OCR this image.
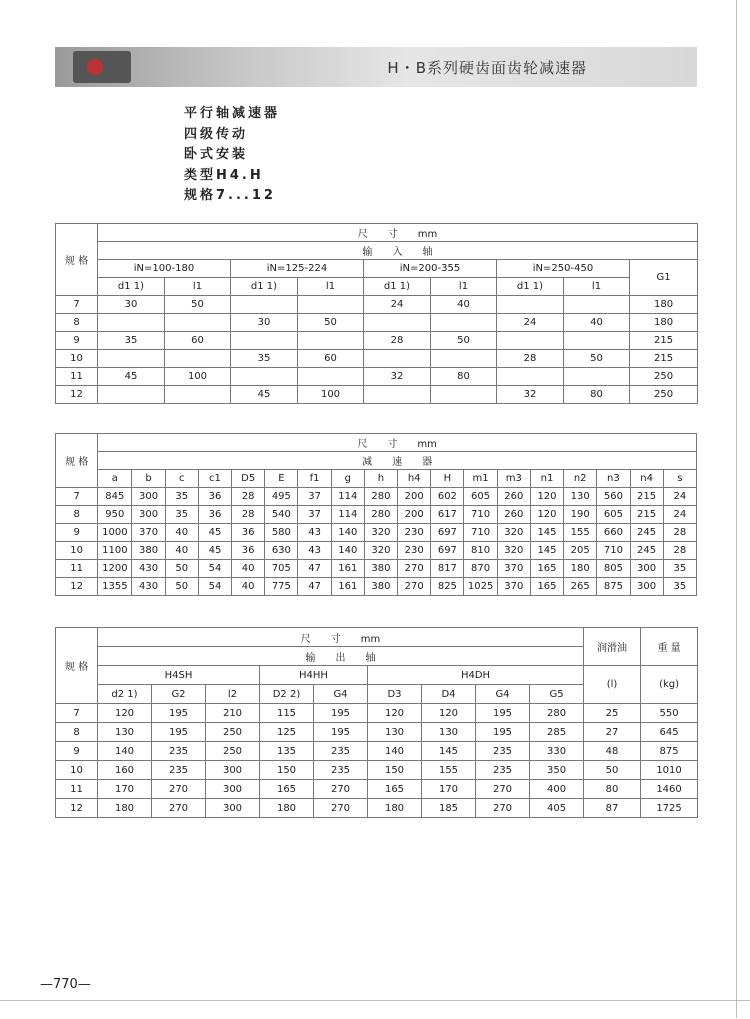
H・B系列硬齿面齿轮减速器
平行轴减速器
四级传动
卧式安装
类型H4.H
规格7...12
规 格	尺　　寸　　mm								
	输　　入　　轴								
	iN=100-180		iN=125-224		iN=200-355		iN=250-450		G1
	d1 1)	l1	d1 1)	l1	d1 1)	l1	d1 1)	l1	
7	30	50			24	40			180
8			30	50			24	40	180
9	35	60			28	50			215
10			35	60			28	50	215
11	45	100			32	80			250
12			45	100			32	80	250
规 格	尺　　寸　　mm																	
	减　　速　　器																	
	a	b	c	c1	D5	E	f1	g	h	h4	H	m1	m3	n1	n2	n3	n4	s
7	845	300	35	36	28	495	37	114	280	200	602	605	260	120	130	560	215	24
8	950	300	35	36	28	540	37	114	280	200	617	710	260	120	190	605	215	24
9	1000	370	40	45	36	580	43	140	320	230	697	710	320	145	155	660	245	28
10	1100	380	40	45	36	630	43	140	320	230	697	810	320	145	205	710	245	28
11	1200	430	50	54	40	705	47	161	380	270	817	870	370	165	180	805	300	35
12	1355	430	50	54	40	775	47	161	380	270	825	1025	370	165	265	875	300	35
规 格	尺　　寸　　mm									润滑油	重 量
	输　　出　　轴										
	H4SH			H4HH		H4DH				(l)	(kg)
	d2 1)	G2	l2	D2 2)	G4	D3	D4	G4	G5		
7	120	195	210	115	195	120	120	195	280	25	550
8	130	195	250	125	195	130	130	195	285	27	645
9	140	235	250	135	235	140	145	235	330	48	875
10	160	235	300	150	235	150	155	235	350	50	1010
11	170	270	300	165	270	165	170	270	400	80	1460
12	180	270	300	180	270	180	185	270	405	87	1725
— 770 —
